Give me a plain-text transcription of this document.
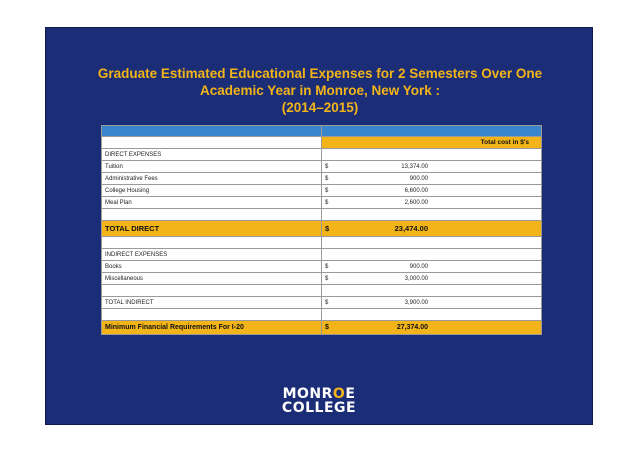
Graduate Estimated Educational Expenses for 2 Semesters Over One
Academic Year in Monroe, New York :
(2014–2015)

	Total cost in $'s
DIRECT EXPENSES	
Tuition	$ 13,374.00

Administrative Fees	$ 900.00

College Housing	$ 6,600.00

Meal Plan	$ 2,600.00

TOTAL DIRECT	$ 23,474.00

INDIRECT EXPENSES	
Books	$ 900.00

Miscellaneous	$ 3,000.00

TOTAL INDIRECT	$ 3,900.00

Minimum Financial Requirements For I-20	$ 27,374.00
MONROE
COLLEGE
